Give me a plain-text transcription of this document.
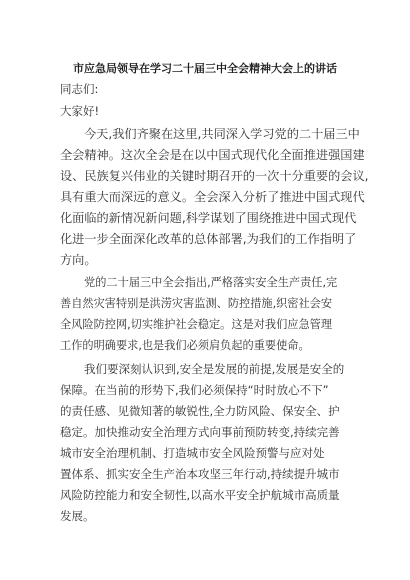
市应急局领导在学习二十届三中全会精神大会上的讲话
同志们:
大家好!
今天,我们齐聚在这里,共同深入学习党的二十届三中
全会精神。这次全会是在以中国式现代化全面推进强国建
设、民族复兴伟业的关键时期召开的一次十分重要的会议,
具有重大而深远的意义。全会深入分析了推进中国式现代
化面临的新情况新问题,科学谋划了围绕推进中国式现代
化进一步全面深化改革的总体部署,为我们的工作指明了
方向。
党的二十届三中全会指出,严格落实安全生产责任,完
善自然灾害特别是洪涝灾害监测、防控措施,织密社会安
全风险防控网,切实维护社会稳定。这是对我们应急管理
工作的明确要求,也是我们必须肩负起的重要使命。
我们要深刻认识到,安全是发展的前提,发展是安全的
保障。在当前的形势下,我们必须保持“时时放心不下”
的责任感、见微知著的敏锐性,全力防风险、保安全、护
稳定。加快推动安全治理方式向事前预防转变,持续完善
城市安全治理机制、打造城市安全风险预警与应对处
置体系、抓实安全生产治本攻坚三年行动,持续提升城市
风险防控能力和安全韧性,以高水平安全护航城市高质量
发展。
